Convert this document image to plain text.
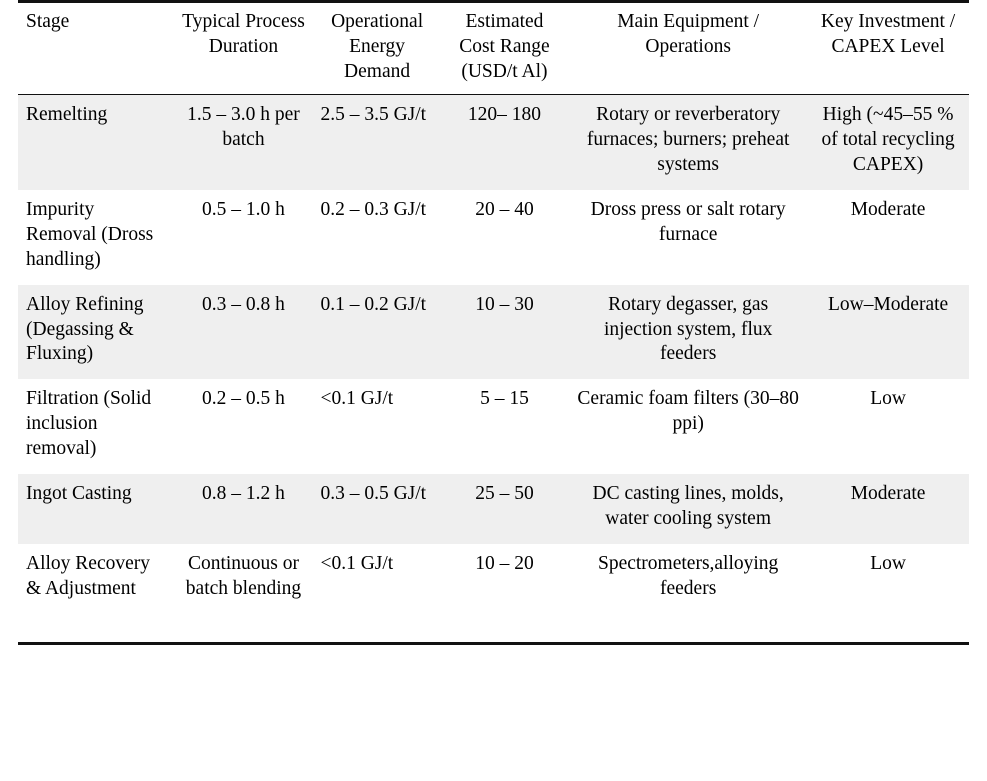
Stage	Typical Process Duration	Operational Energy Demand	Estimated Cost Range (USD/t Al)	Main Equipment / Operations	Key Investment / CAPEX Level
Remelting	1.5 – 3.0 h per batch	2.5 – 3.5 GJ/t	120– 180	Rotary or reverberatory furnaces; burners; preheat systems	High (~45–55 % of total recycling CAPEX)
Impurity Removal (Dross handling)	0.5 – 1.0 h	0.2 – 0.3 GJ/t	20 – 40	Dross press or salt rotary furnace	Moderate
Alloy Refining (Degassing & Fluxing)	0.3 – 0.8 h	0.1 – 0.2 GJ/t	10 – 30	Rotary degasser, gas injection system, flux feeders	Low–Moderate
Filtration (Solid inclusion removal)	0.2 – 0.5 h	<0.1 GJ/t	5 – 15	Ceramic foam filters (30–80 ppi)	Low
Ingot Casting	0.8 – 1.2 h	0.3 – 0.5 GJ/t	25 – 50	DC casting lines, molds, water cooling system	Moderate
Alloy Recovery & Adjustment	Continuous or batch blending	<0.1 GJ/t	10 – 20	Spectrometers,alloying feeders	Low
